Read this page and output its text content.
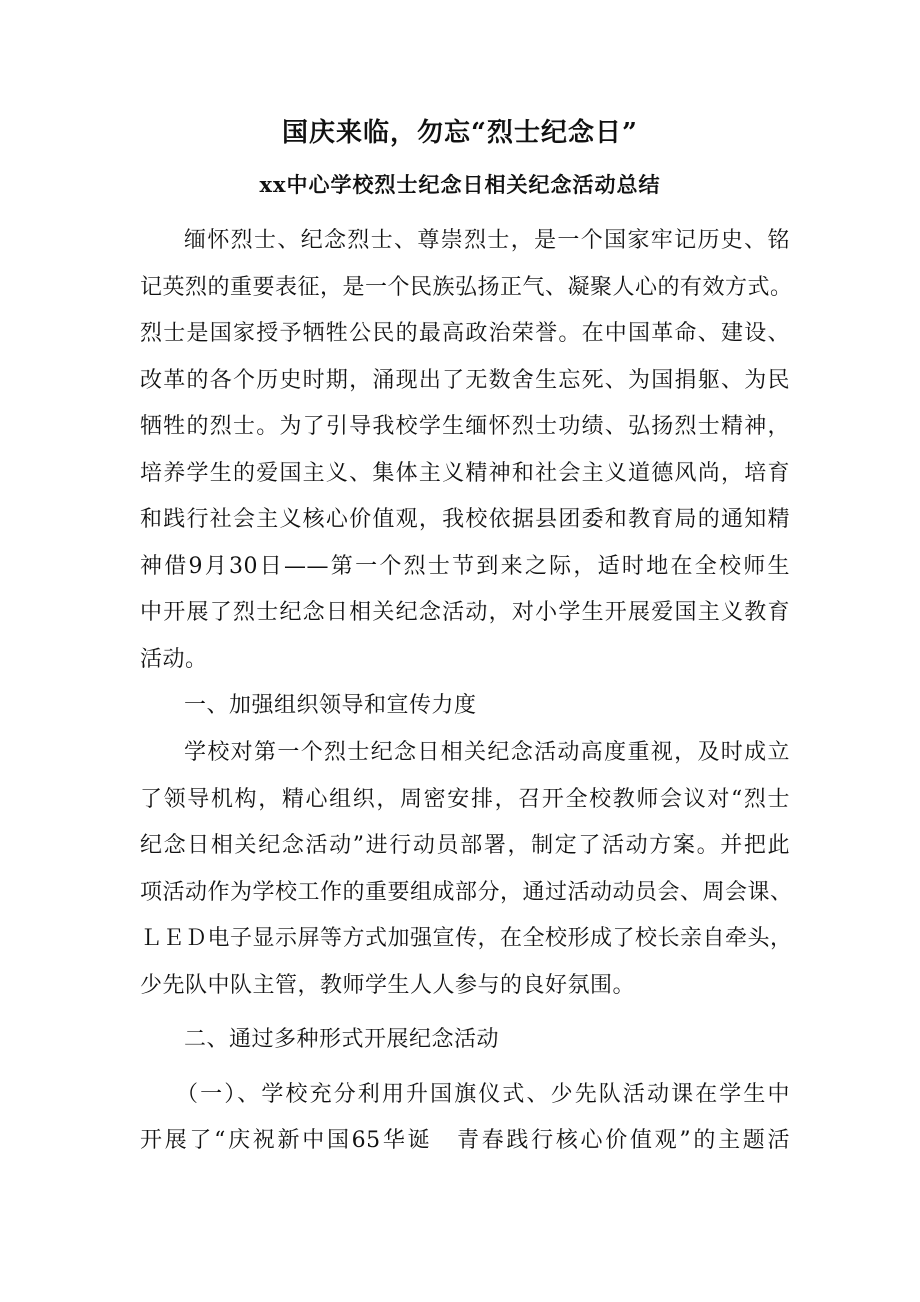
国庆来临，勿忘“烈士纪念日”
xx中心学校烈士纪念日相关纪念活动总结
缅怀烈士、纪念烈士、尊崇烈士，是一个国家牢记历史、铭
记英烈的重要表征，是一个民族弘扬正气、凝聚人心的有效方式。
烈士是国家授予牺牲公民的最高政治荣誉。在中国革命、建设、
改革的各个历史时期，涌现出了无数舍生忘死、为国捐躯、为民
牺牲的烈士。为了引导我校学生缅怀烈士功绩、弘扬烈士精神，
培养学生的爱国主义、集体主义精神和社会主义道德风尚，培育
和践行社会主义核心价值观，我校依据县团委和教育局的通知精
神借9月30日——第一个烈士节到来之际，适时地在全校师生
中开展了烈士纪念日相关纪念活动，对小学生开展爱国主义教育
活动。
一、加强组织领导和宣传力度
学校对第一个烈士纪念日相关纪念活动高度重视，及时成立
了领导机构，精心组织，周密安排，召开全校教师会议对“烈士
纪念日相关纪念活动”进行动员部署，制定了活动方案。并把此
项活动作为学校工作的重要组成部分，通过活动动员会、周会课、
ＬＥＤ电子显示屏等方式加强宣传，在全校形成了校长亲自牵头，
少先队中队主管，教师学生人人参与的良好氛围。
二、通过多种形式开展纪念活动
（一）、学校充分利用升国旗仪式、少先队活动课在学生中
开展了“庆祝新中国65华诞　青春践行核心价值观”的主题活
